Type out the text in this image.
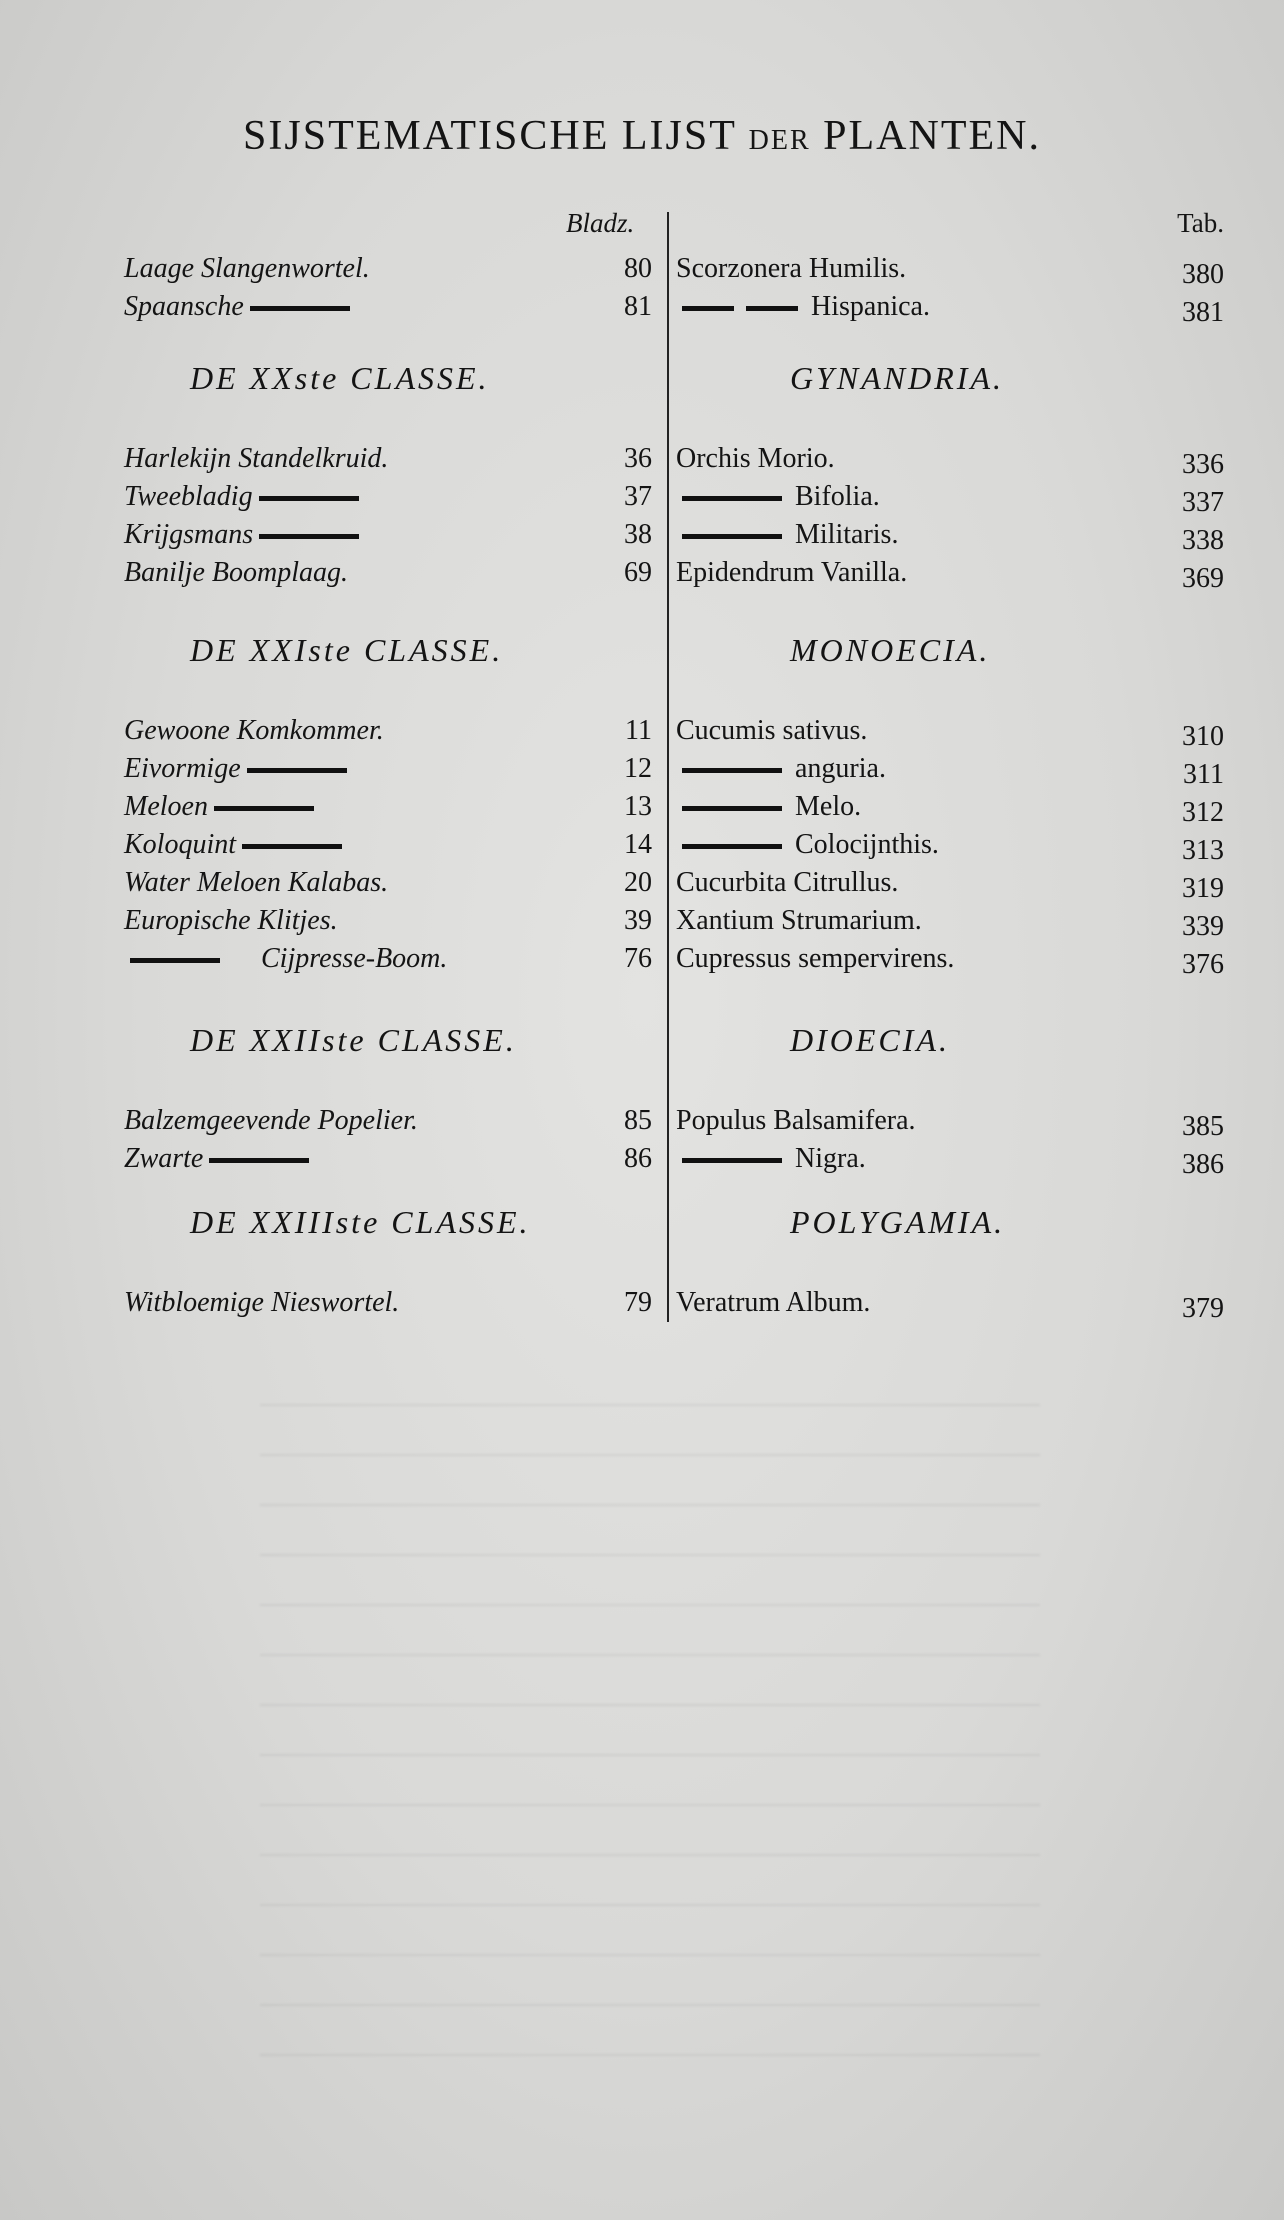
SIJSTEMATISCHE LIJST DER PLANTEN.
Bladz.	Tab.
Laage Slangenwortel.	80 Scorzonera Humilis.	380
Spaansche	81	Hispanica.	381
DE XXste CLASSE.	GYNANDRIA.
Harlekijn Standelkruid.	36 Orchis Morio.	336
Tweebladig	37	Bifolia.	337
Krijgsmans	38	Militaris.	338
Banilje Boomplaag.	69 Epidendrum Vanilla.	369
DE XXIste CLASSE.	MONOECIA.
Gewoone Komkommer.	11 Cucumis sativus.	310
Eivormige	12	anguria.	311
Meloen	13	Melo.	312
Koloquint	14	Colocijnthis.	313
Water Meloen Kalabas.	20 Cucurbita Citrullus.	319
Europische Klitjes.	39 Xantium Strumarium.	339
  Cijpresse-Boom.	76 Cupressus sempervirens.	376
DE XXIIste CLASSE.	DIOECIA.
Balzemgeevende Popelier.	85 Populus Balsamifera.	385
Zwarte	86	Nigra.	386
DE XXIIIste CLASSE.	POLYGAMIA.
Witbloemige Nieswortel.	79 Veratrum Album.	379
